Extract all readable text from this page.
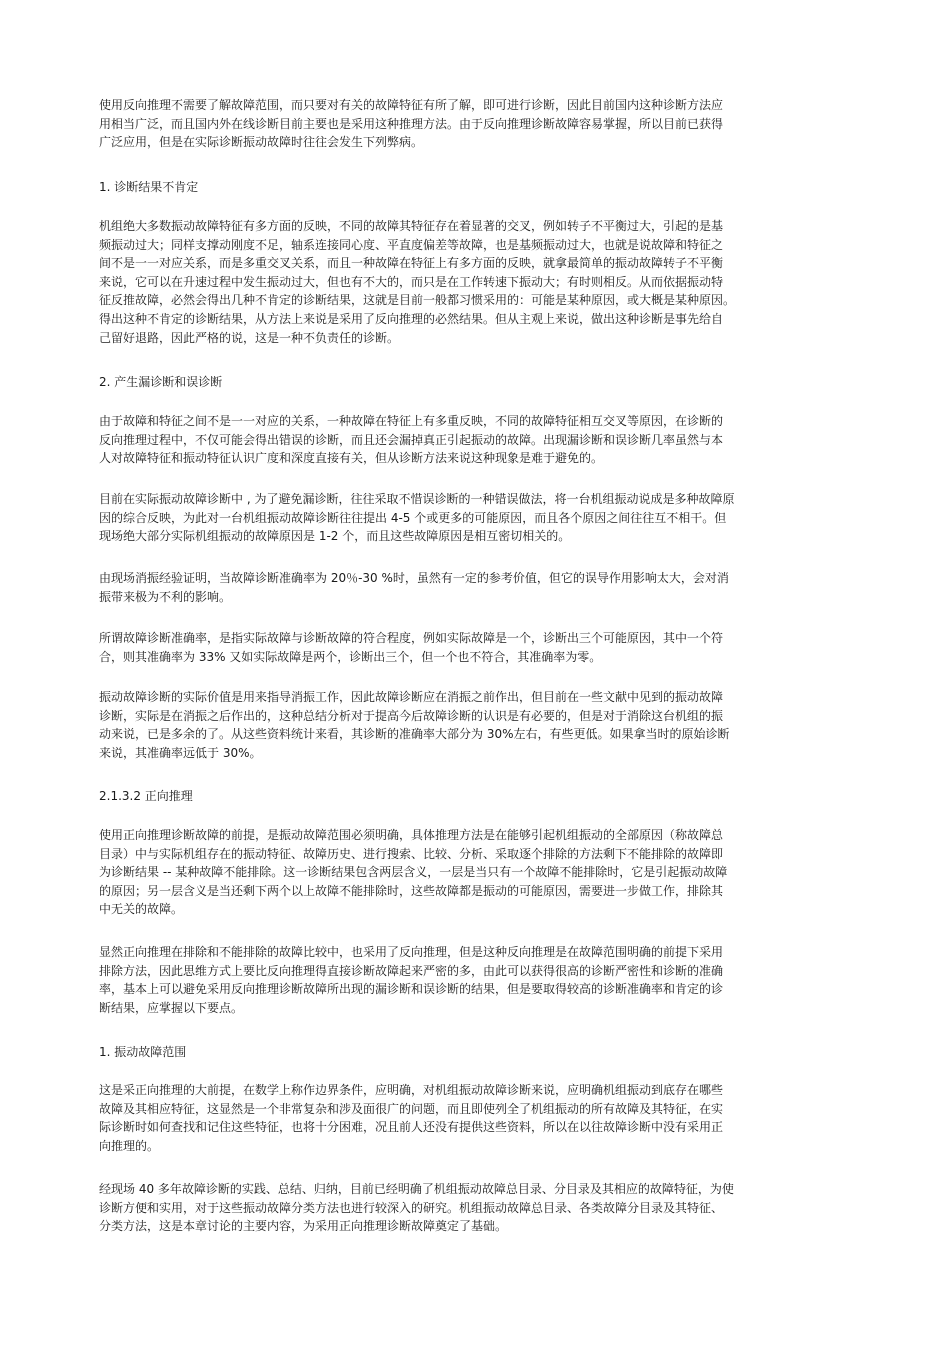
使用反向推理不需要了解故障范围，而只要对有关的故障特征有所了解，即可进行诊断，因此目前国内这种诊断方法应
用相当广泛，而且国内外在线诊断目前主要也是采用这种推理方法。由于反向推理诊断故障容易掌握，所以目前已获得
广泛应用，但是在实际诊断振动故障时往往会发生下列弊病。
1. 诊断结果不肯定
机组绝大多数振动故障特征有多方面的反映，不同的故障其特征存在着显著的交叉，例如转子不平衡过大，引起的是基
频振动过大；同样支撑动刚度不足，轴系连接同心度、平直度偏差等故障，也是基频振动过大，也就是说故障和特征之
间不是一一对应关系，而是多重交叉关系，而且一种故障在特征上有多方面的反映，就拿最简单的振动故障转子不平衡
来说，它可以在升速过程中发生振动过大，但也有不大的，而只是在工作转速下振动大；有时则相反。从而依据振动特
征反推故障，必然会得出几种不肯定的诊断结果，这就是目前一般都习惯采用的：可能是某种原因，或大概是某种原因。
得出这种不肯定的诊断结果，从方法上来说是采用了反向推理的必然结果。但从主观上来说，做出这种诊断是事先给自
己留好退路，因此严格的说，这是一种不负责任的诊断。
2. 产生漏诊断和误诊断
由于故障和特征之间不是一一对应的关系，一种故障在特征上有多重反映，不同的故障特征相互交叉等原因，在诊断的
反向推理过程中，不仅可能会得出错误的诊断，而且还会漏掉真正引起振动的故障。出现漏诊断和误诊断几率虽然与本
人对故障特征和振动特征认识广度和深度直接有关，但从诊断方法来说这种现象是难于避免的。
目前在实际振动故障诊断中 , 为了避免漏诊断，往往采取不惜误诊断的一种错误做法，将一台机组振动说成是多种故障原
因的综合反映，为此对一台机组振动故障诊断往往提出 4-5 个或更多的可能原因，而且各个原因之间往往互不相干。但
现场绝大部分实际机组振动的故障原因是 1-2 个，而且这些故障原因是相互密切相关的。
由现场消振经验证明，当故障诊断准确率为 20％-30 %时，虽然有一定的参考价值，但它的误导作用影响太大，会对消
振带来极为不利的影响。
所谓故障诊断准确率，是指实际故障与诊断故障的符合程度，例如实际故障是一个，诊断出三个可能原因，其中一个符
合，则其准确率为 33% 又如实际故障是两个，诊断出三个，但一个也不符合，其准确率为零。
振动故障诊断的实际价值是用来指导消振工作，因此故障诊断应在消振之前作出，但目前在一些文献中见到的振动故障
诊断，实际是在消振之后作出的，这种总结分析对于提高今后故障诊断的认识是有必要的，但是对于消除这台机组的振
动来说，已是多余的了。从这些资料统计来看，其诊断的准确率大部分为 30%左右，有些更低。如果拿当时的原始诊断
来说，其准确率远低于 30%。
2.1.3.2 正向推理
使用正向推理诊断故障的前提，是振动故障范围必须明确，具体推理方法是在能够引起机组振动的全部原因（称故障总
目录）中与实际机组存在的振动特征、故障历史、进行搜索、比较、分析、采取逐个排除的方法剩下不能排除的故障即
为诊断结果 -- 某种故障不能排除。这一诊断结果包含两层含义，一层是当只有一个故障不能排除时，它是引起振动故障
的原因；另一层含义是当还剩下两个以上故障不能排除时，这些故障都是振动的可能原因，需要进一步做工作，排除其
中无关的故障。
显然正向推理在排除和不能排除的故障比较中，也采用了反向推理，但是这种反向推理是在故障范围明确的前提下采用
排除方法，因此思维方式上要比反向推理得直接诊断故障起来严密的多，由此可以获得很高的诊断严密性和诊断的准确
率，基本上可以避免采用反向推理诊断故障所出现的漏诊断和误诊断的结果，但是要取得较高的诊断准确率和肯定的诊
断结果，应掌握以下要点。
1. 振动故障范围
这是采正向推理的大前提，在数学上称作边界条件，应明确，对机组振动故障诊断来说，应明确机组振动到底存在哪些
故障及其相应特征，这显然是一个非常复杂和涉及面很广的问题，而且即使列全了机组振动的所有故障及其特征，在实
际诊断时如何查找和记住这些特征，也将十分困难，况且前人还没有提供这些资料，所以在以往故障诊断中没有采用正
向推理的。
经现场 40 多年故障诊断的实践、总结、归纳，目前已经明确了机组振动故障总目录、分目录及其相应的故障特征，为使
诊断方便和实用，对于这些振动故障分类方法也进行较深入的研究。机组振动故障总目录、各类故障分目录及其特征、
分类方法，这是本章讨论的主要内容，为采用正向推理诊断故障奠定了基础。
